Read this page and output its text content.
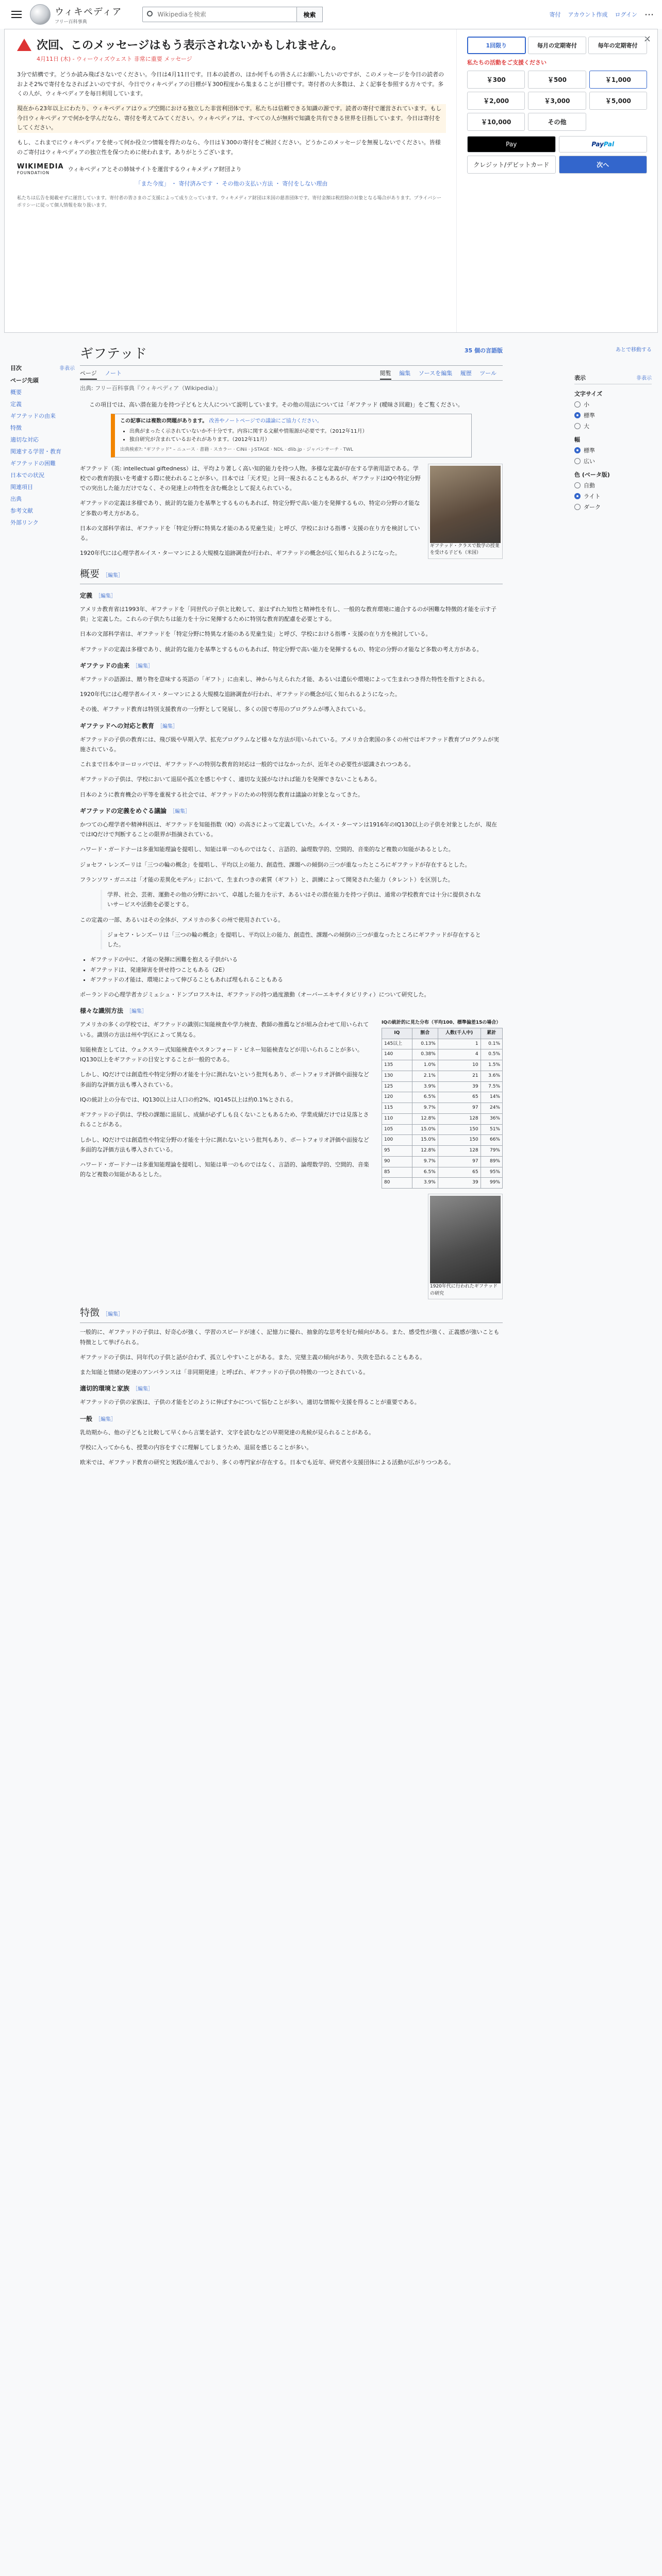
ウィキペディア
フリー百科事典
Wikipediaを検索
検索	寄付 アカウント作成 ログイン ⋯
次回、このメッセージはもう表示されないかもしれません。
4月11日 (木) - ウィーウィズウェスト 非常に重要 メッセージ

3分で結構です。どうか読み飛ばさないでください。今日は4月11日です。日本の読者の、ほか何千もの皆さんにお願いしたいのですが、このメッセージを今日の読者のおよそ2%で寄付をなさればよいのですが、今日でウィキペディアの目標が￥300程度から集まることが目標です。寄付者の大多数は、よく記事を参照する方々です。多くの人が、ウィキペディアを毎日利用しています。

現在から23年以上にわたり、ウィキペディアはウェブ空間における独立した非営利団体です。私たちは信頼できる知識の源です。読者の寄付で運営されています。もし今日ウィキペディアで何かを学んだなら、寄付を考えてみてください。ウィキペディアは、すべての人が無料で知識を共有できる世界を目指しています。今日は寄付をしてください。

もし、これまでにウィキペディアを使って何か役立つ情報を得たのなら、今日は￥300の寄付をご検討ください。どうかこのメッセージを無視しないでください。皆様のご寄付はウィキペディアの独立性を保つために使われます。ありがとうございます。

WIKIMEDIA
FOUNDATION
ウィキペディアとその姉妹サイトを運営するウィキメディア財団より
「また今度」 ・ 寄付済みです ・ その他の支払い方法 ・ 寄付をしない理由
私たちは広告を掲載せずに運営しています。寄付者の皆さまのご支援によって成り立っています。ウィキメディア財団は米国の慈善団体です。寄付金額は税控除の対象となる場合があります。プライバシーポリシーに従って個人情報を取り扱います。
×
1回限り	毎月の定期寄付	毎年の定期寄付
私たちの活動をご支援ください
￥300	￥500	￥1,000
￥2,000	￥3,000	￥5,000
￥10,000	その他
Pay	PayPal
クレジット/デビットカード	次へ
目次	非表示
ページ先頭
概要
定義
ギフテッドの由来
特徴
適切な対応
関連する学習・教育
ギフテッドの困難
日本での状況
関連項目
出典
参考文献
外部リンク
あとで移動する
表示	非表示
文字サイズ
小
標準
大
幅
標準
広い
色 (ベータ版)
自動
ライト
ダーク
ギフテッド	35 個の言語版
ページ ノート	閲覧 編集 ソースを編集 履歴 ツール
出典: フリー百科事典『ウィキペディア（Wikipedia）』
この項目では、高い潜在能力を持つ子どもと大人について説明しています。その他の用法については「ギフテッド (曖昧さ回避)」をご覧ください。
この記事には複数の問題があります。 改善やノートページでの議論にご協力ください。
• 出典がまったく示されていないか不十分です。内容に関する文献や情報源が必要です。（2012年11月）
• 独自研究が含まれているおそれがあります。（2012年11月）
出典検索?: "ギフテッド" – ニュース · 書籍 · スカラー · CiNii · J-STAGE · NDL · dlib.jp · ジャパンサーチ · TWL
ギフテッド・クラスで数学の授業を受ける子ども（米国）

ギフテッド（英: intellectual giftedness）は、平均より著しく高い知的能力を持つ人物。多様な定義が存在する学術用語である。学校での教育的扱いを考慮する際に使われることが多い。日本では「天才児」と同一視されることもあるが、ギフテッドはIQや特定分野での突出した能力だけでなく、その発達上の特性を含む概念として捉えられている。

ギフテッドの定義は多様であり、統計的な能力を基準とするものもあれば、特定分野で高い能力を発揮するもの、特定の分野の才能など多数の考え方がある。

日本の文部科学省は、ギフテッドを「特定分野に特異な才能のある児童生徒」と呼び、学校における指導・支援の在り方を検討している。

1920年代には心理学者ルイス・ターマンによる大規模な追跡調査が行われ、ギフテッドの概念が広く知られるようになった。

概要 ［編集］
定義 ［編集］

アメリカ教育省は1993年、ギフテッドを「同世代の子供と比較して、並はずれた知性と精神性を有し、一般的な教育環境に適合するのが困難な特徴的才能を示す子供」と定義した。これらの子供たちは能力を十分に発揮するために特別な教育的配慮を必要とする。

日本の文部科学省は、ギフテッドを「特定分野に特異な才能のある児童生徒」と呼び、学校における指導・支援の在り方を検討している。

ギフテッドの定義は多様であり、統計的な能力を基準とするものもあれば、特定分野で高い能力を発揮するもの、特定の分野の才能など多数の考え方がある。

ギフテッドの由来 ［編集］

ギフテッドの語源は、贈り物を意味する英語の「ギフト」に由来し、神から与えられた才能、あるいは遺伝や環境によって生まれつき得た特性を指すとされる。

1920年代には心理学者ルイス・ターマンによる大規模な追跡調査が行われ、ギフテッドの概念が広く知られるようになった。

その後、ギフテッド教育は特別支援教育の一分野として発展し、多くの国で専用のプログラムが導入されている。

ギフテッドへの対応と教育 ［編集］

ギフテッドの子供の教育には、飛び級や早期入学、拡充プログラムなど様々な方法が用いられている。アメリカ合衆国の多くの州ではギフテッド教育プログラムが実施されている。

これまで日本やヨーロッパでは、ギフテッドへの特別な教育的対応は一般的ではなかったが、近年その必要性が認識されつつある。

ギフテッドの子供は、学校において退屈や孤立を感じやすく、適切な支援がなければ能力を発揮できないこともある。

日本のように教育機会の平等を重視する社会では、ギフテッドのための特別な教育は議論の対象となってきた。

ギフテッドの定義をめぐる議論 ［編集］

かつての心理学者や精神科医は、ギフテッドを知能指数（IQ）の高さによって定義していた。ルイス・ターマンは1916年のIQ130以上の子供を対象としたが、現在ではIQだけで判断することの限界が指摘されている。

ハワード・ガードナーは多重知能理論を提唱し、知能は単一のものではなく、言語的、論理数学的、空間的、音楽的など複数の知能があるとした。

ジョセフ・レンズーリは「三つの輪の概念」を提唱し、平均以上の能力、創造性、課題への傾倒の三つが重なったところにギフテッドが存在するとした。

フランソワ・ガニエは「才能の差異化モデル」において、生まれつきの素質（ギフト）と、訓練によって開発された能力（タレント）を区別した。

学界、社会、芸術、運動その他の分野において、卓越した能力を示す、あるいはその潜在能力を持つ子供は、通常の学校教育では十分に提供されないサービスや活動を必要とする。

この定義の一部、あるいはその全体が、アメリカの多くの州で使用されている。

ジョセフ・レンズーリは「三つの輪の概念」を提唱し、平均以上の能力、創造性、課題への傾倒の三つが重なったところにギフテッドが存在するとした。
• ギフテッドの中に、才能の発揮に困難を抱える子供がいる
• ギフテッドは、発達障害を併せ持つこともある（2E）
• ギフテッドの才能は、環境によって伸びることもあれば埋もれることもある

ポーランドの心理学者カジミェシュ・ドンブロフスキは、ギフテッドの持つ過度激動（オーバーエキサイタビリティ）について研究した。

様々な識別方法 ［編集］
IQの統計的に見た分布（平均100、標準偏差15の場合）
IQ	割合	人数(千人中)	累計
145以上	0.13%	1	0.1%
140	0.38%	4	0.5%
135	1.0%	10	1.5%
130	2.1%	21	3.6%
125	3.9%	39	7.5%
120	6.5%	65	14%
115	9.7%	97	24%
110	12.8%	128	36%
105	15.0%	150	51%
100	15.0%	150	66%
95	12.8%	128	79%
90	9.7%	97	89%
85	6.5%	65	95%
80	3.9%	39	99%

アメリカの多くの学校では、ギフテッドの識別に知能検査や学力検査、教師の推薦などが組み合わせて用いられている。識別の方法は州や学区によって異なる。

知能検査としては、ウェクスラー式知能検査やスタンフォード・ビネー知能検査などが用いられることが多い。IQ130以上をギフテッドの目安とすることが一般的である。

しかし、IQだけでは創造性や特定分野の才能を十分に測れないという批判もあり、ポートフォリオ評価や面接など多面的な評価方法も導入されている。

IQの統計上の分布では、IQ130以上は人口の約2%、IQ145以上は約0.1%とされる。

ギフテッドの子供は、学校の課題に退屈し、成績が必ずしも良くないこともあるため、学業成績だけでは見落とされることがある。

1920年代に行われたギフテッドの研究

しかし、IQだけでは創造性や特定分野の才能を十分に測れないという批判もあり、ポートフォリオ評価や面接など多面的な評価方法も導入されている。

ハワード・ガードナーは多重知能理論を提唱し、知能は単一のものではなく、言語的、論理数学的、空間的、音楽的など複数の知能があるとした。

特徴 ［編集］

一般的に、ギフテッドの子供は、好奇心が強く、学習のスピードが速く、記憶力に優れ、抽象的な思考を好む傾向がある。また、感受性が強く、正義感が強いことも特徴として挙げられる。

ギフテッドの子供は、同年代の子供と話が合わず、孤立しやすいことがある。また、完璧主義の傾向があり、失敗を恐れることもある。

また知能と情緒の発達のアンバランスは「非同期発達」と呼ばれ、ギフテッドの子供の特徴の一つとされている。

適切的環境と家族 ［編集］

ギフテッドの子供の家族は、子供の才能をどのように伸ばすかについて悩むことが多い。適切な情報や支援を得ることが重要である。

一般 ［編集］

乳幼期から、他の子どもと比較して早くから言葉を話す、文字を読むなどの早期発達の兆候が見られることがある。

学校に入ってからも、授業の内容をすぐに理解してしまうため、退屈を感じることが多い。

欧米では、ギフテッド教育の研究と実践が進んでおり、多くの専門家が存在する。日本でも近年、研究者や支援団体による活動が広がりつつある。
